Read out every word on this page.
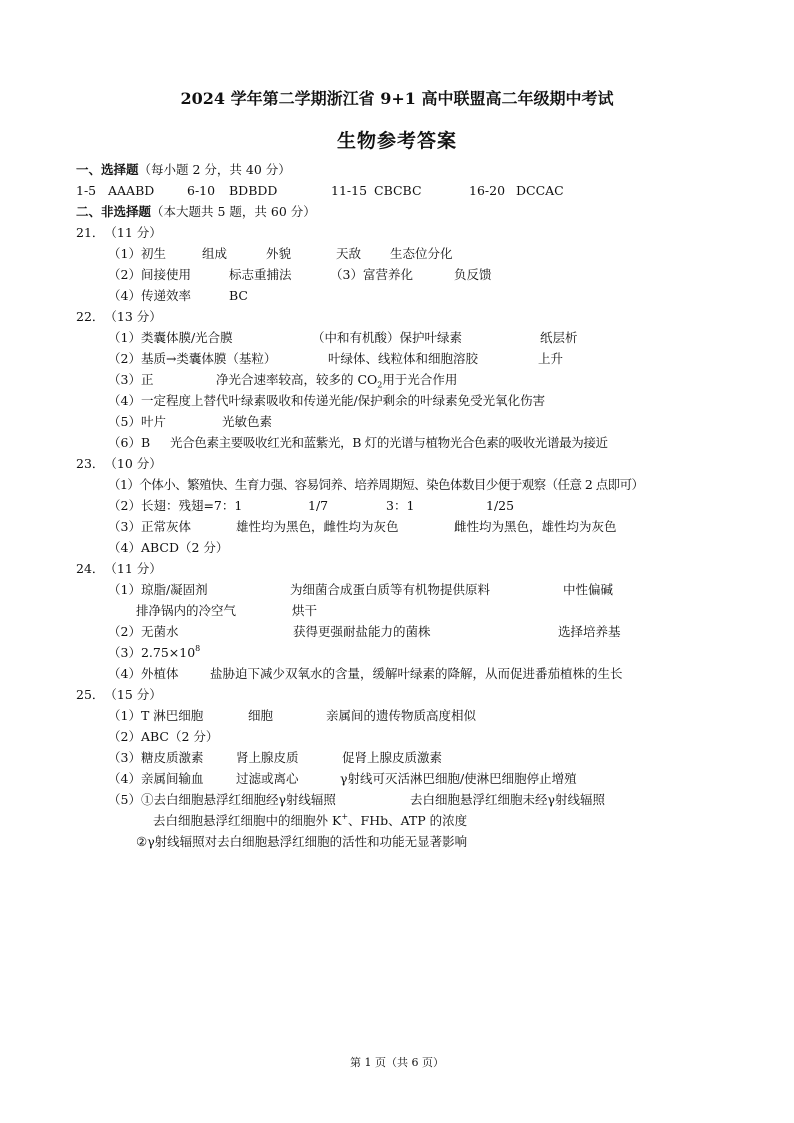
2024 学年第二学期浙江省 9+1 高中联盟高二年级期中考试
生物参考答案
一、选择题（每小题 2 分，共 40 分）
1-5 AAABD	6-10 BDBDD	11-15 CBCBC	16-20 DCCAC
二、非选择题（本大题共 5 题，共 60 分）
21．（11 分）
（1）初生	组成	外貌	天敌 生态位分化
（2）间接使用	标志重捕法	（3）富营养化	负反馈
（4）传递效率	BC
22．（13 分）
（1）类囊体膜/光合膜	（中和有机酸）保护叶绿素	纸层析
（2）基质→类囊体膜（基粒）	叶绿体、线粒体和细胞溶胶	上升
（3）正	净光合速率较高，较多的 $CO_2$用于光合作用
（4）一定程度上替代叶绿素吸收和传递光能/保护剩余的叶绿素免受光氧化伤害
（5）叶片	光敏色素
（6）B 光合色素主要吸收红光和蓝紫光，B 灯的光谱与植物光合色素的吸收光谱最为接近
23．（10 分）
（1）个体小、繁殖快、生育力强、容易饲养、培养周期短、染色体数目少便于观察（任意 2 点即可）
（2）长翅：残翅=7：1	1/7	3：1	1/25
（3）正常灰体	雄性均为黑色，雌性均为灰色	雌性均为黑色，雄性均为灰色
（4）ABCD（2 分）
24．（11 分）
（1）琼脂/凝固剂	为细菌合成蛋白质等有机物提供原料	中性偏碱
排净锅内的冷空气	烘干
（2）无菌水	获得更强耐盐能力的菌株	选择培养基
$(3)2.75\times 10^8$
（4）外植体	盐胁迫下减少双氧水的含量，缓解叶绿素的降解，从而促进番茄植株的生长
25．（15 分）
（1）T 淋巴细胞	细胞	亲属间的遗传物质高度相似
（2）ABC（2 分）
（3）糖皮质激素	肾上腺皮质	促肾上腺皮质激素
（4）亲属间输血	过滤或离心	γ射线可灭活淋巴细胞/使淋巴细胞停止增殖
（5）①去白细胞悬浮红细胞经γ射线辐照	去白细胞悬浮红细胞未经γ射线辐照
去白细胞悬浮红细胞中的细胞外 K+、FHb、ATP 的浓度
②γ射线辐照对去白细胞悬浮红细胞的活性和功能无显著影响
第 1 页（共 6 页）
